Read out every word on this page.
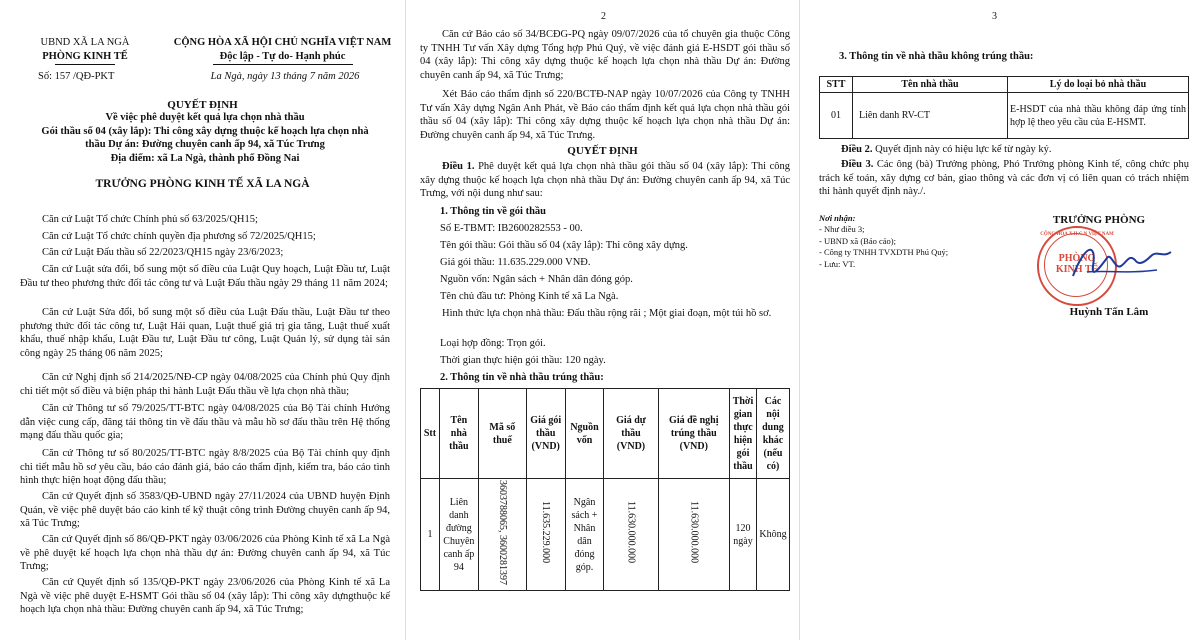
UBND XÃ LA NGÀ
PHÒNG KINH TẾ
Số: 157 /QĐ-PKT
CỘNG HÒA XÃ HỘI CHỦ NGHĨA VIỆT NAM
Độc lập - Tự do- Hạnh phúc
La Ngà, ngày 13 tháng 7 năm 2026
QUYẾT ĐỊNH
Về việc phê duyệt kết quả lựa chọn nhà thầu
Gói thầu số 04 (xây lắp): Thi công xây dựng thuộc kế hoạch lựa chọn nhà
thầu Dự án: Đường chuyên canh ấp 94, xã Túc Trưng
Địa điểm: xã La Ngà, thành phố Đồng Nai
TRƯỞNG PHÒNG KINH TẾ XÃ LA NGÀ
Căn cứ Luật Tổ chức Chính phủ số 63/2025/QH15;
Căn cứ Luật Tổ chức chính quyền địa phương số 72/2025/QH15;
Căn cứ Luật Đấu thầu số 22/2023/QH15 ngày 23/6/2023;
Căn cứ Luật sửa đổi, bổ sung một số điều của Luật Quy hoạch, Luật Đầu tư, Luật Đầu tư theo phương thức đối tác công tư và Luật Đấu thầu ngày 29 tháng 11 năm 2024;
Căn cứ Luật Sửa đổi, bổ sung một số điều của Luật Đấu thầu, Luật Đầu tư theo phương thức đối tác công tư, Luật Hải quan, Luật thuế giá trị gia tăng, Luật thuế xuất khẩu, thuế nhập khẩu, Luật Đầu tư, Luật Đầu tư công, Luật Quản lý, sử dụng tài sản công ngày 25 tháng 06 năm 2025;
Căn cứ Nghị định số 214/2025/NĐ-CP ngày 04/08/2025 của Chính phủ Quy định chi tiết một số điều và biện pháp thi hành Luật Đấu thầu về lựa chọn nhà thầu;
Căn cứ Thông tư số 79/2025/TT-BTC ngày 04/08/2025 của Bộ Tài chính Hướng dẫn việc cung cấp, đăng tải thông tin về đấu thầu và mẫu hồ sơ đấu thầu trên Hệ thống mạng đấu thầu quốc gia;
Căn cứ Thông tư số 80/2025/TT-BTC ngày 8/8/2025 của Bộ Tài chính quy định chi tiết mẫu hồ sơ yêu cầu, báo cáo đánh giá, báo cáo thẩm định, kiểm tra, báo cáo tình hình thực hiện hoạt động đấu thầu;
Căn cứ Quyết định số 3583/QĐ-UBND ngày 27/11/2024 của UBND huyện Định Quán, về việc phê duyệt báo cáo kinh tế kỹ thuật công trình Đường chuyên canh ấp 94, xã Túc Trưng;
Căn cứ Quyết định số 86/QĐ-PKT ngày 03/06/2026 của Phòng Kinh tế xã La Ngà về phê duyệt kế hoạch lựa chọn nhà thầu dự án: Đường chuyên canh ấp 94, xã Túc Trưng;
Căn cứ Quyết định số 135/QĐ-PKT ngày 23/06/2026 của Phòng Kinh tế xã La Ngà về việc phê duyệt E-HSMT Gói thầu số 04 (xây lắp): Thi công xây dựngthuộc kế hoạch lựa chọn nhà thầu: Đường chuyên canh ấp 94, xã Túc Trưng;
2
Căn cứ Báo cáo số 34/BCĐG-PQ ngày 09/07/2026 của tổ chuyên gia thuộc Công ty TNHH Tư vấn Xây dựng Tổng hợp Phú Quý, về việc đánh giá E-HSDT gói thầu số 04 (xây lắp): Thi công xây dựng thuộc kế hoạch lựa chọn nhà thầu Dự án: Đường chuyên canh ấp 94, xã Túc Trưng;
Xét Báo cáo thẩm định số 220/BCTĐ-NAP ngày 10/07/2026 của Công ty TNHH Tư vấn Xây dựng Ngân Anh Phát, về Báo cáo thẩm định kết quả lựa chọn nhà thầu gói thầu số 04 (xây lắp): Thi công xây dựng thuộc kế hoạch lựa chọn nhà thầu Dự án: Đường chuyên canh ấp 94, xã Túc Trưng.
QUYẾT ĐỊNH
Điều 1. Phê duyệt kết quả lựa chọn nhà thầu gói thầu số 04 (xây lắp): Thi công xây dựng thuộc kế hoạch lựa chọn nhà thầu Dự án: Đường chuyên canh ấp 94, xã Túc Trưng, với nội dung như sau:
1. Thông tin về gói thầu
Số E-TBMT: IB2600282553 - 00.
Tên gói thầu: Gói thầu số 04 (xây lắp): Thi công xây dựng.
Giá gói thầu: 11.635.229.000 VNĐ.
Nguồn vốn: Ngân sách + Nhân dân đóng góp.
Tên chủ đầu tư: Phòng Kinh tế xã La Ngà.
Hình thức lựa chọn nhà thầu: Đấu thầu rộng rãi ; Một giai đoạn, một túi hồ sơ.
Loại hợp đồng: Trọn gói.
Thời gian thực hiện gói thầu: 120 ngày.
2. Thông tin về nhà thầu trúng thầu:
Stt	Tên nhà thầu	Mã số thuế	Giá gói thầu (VND)	Nguồn vốn	Giá dự thầu (VND)	Giá đề nghị trúng thầu (VND)	Thời gian thực hiện gói thầu	Các nội dung khác (nếu có)
1	Liên danh đường Chuyên canh ấp 94	3603788065, 3600281397	11.635.229.000	Ngân sách + Nhân dân đóng góp.	11.630.000.000	11.630.000.000	120 ngày	Không
3
3. Thông tin về nhà thầu không trúng thầu:
STT	Tên nhà thầu	Lý do loại bỏ nhà thầu
01	Liên danh RV-CT	E-HSDT của nhà thầu không đáp ứng tính hợp lệ theo yêu cầu của E-HSMT.
Điều 2. Quyết định này có hiệu lực kể từ ngày ký.
Điều 3. Các ông (bà) Trưởng phòng, Phó Trưởng phòng Kinh tế, công chức phụ trách kế toán, xây dựng cơ bản, giao thông và các đơn vị có liên quan có trách nhiệm thi hành quyết định này./.
Nơi nhận:
- Như điều 3;
- UBND xã (Báo cáo);
- Công ty TNHH TVXDTH Phú Quý;
- Lưu: VT.
TRƯỞNG PHÒNG
CỘNG HÒA X.H.C.N VIỆT NAM
PHÒNG KINH TẾ
Huỳnh Tấn Lâm
